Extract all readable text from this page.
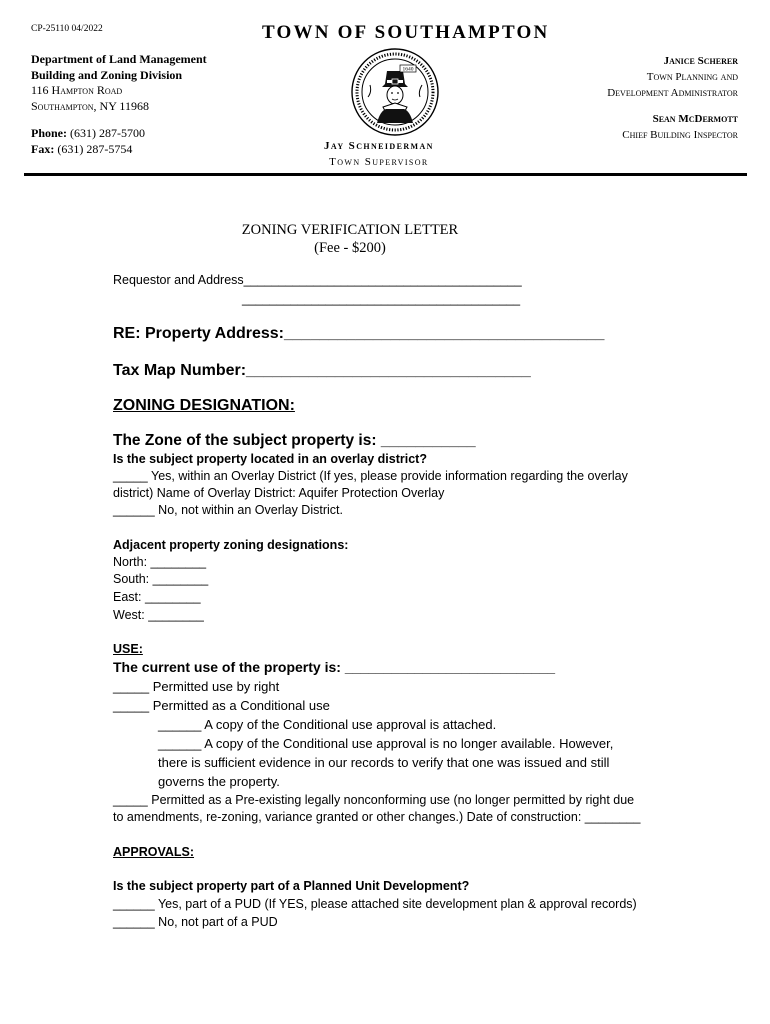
CP-25110 04/2022	TOWN OF SOUTHAMPTON
Department of Land Management
Building and Zoning Division
116 Hampton Road
Southampton, NY 11968
Phone: (631) 287-5700
Fax: (631) 287-5754
1640
Jay Schneiderman
Town Supervisor
Janice Scherer
Town Planning and
Development Administrator
Sean McDermott
Chief Building Inspector
ZONING VERIFICATION LETTER
(Fee - $200)
Requestor and Address________________________________________
________________________________________
RE: Property Address:____________________________________
Tax Map Number:________________________________
ZONING DESIGNATION:
The Zone of the subject property is: ___________
Is the subject property located in an overlay district?
_____ Yes, within an Overlay District (If yes, please provide information regarding the overlay
district) Name of Overlay District: Aquifer Protection Overlay
______ No, not within an Overlay District.
Adjacent property zoning designations:
North: ________
South: ________
East: ________
West: ________
USE:
The current use of the property is: ___________________________
_____ Permitted use by right
_____ Permitted as a Conditional use
______ A copy of the Conditional use approval is attached.
______ A copy of the Conditional use approval is no longer available. However,
there is sufficient evidence in our records to verify that one was issued and still
governs the property.
_____ Permitted as a Pre-existing legally nonconforming use (no longer permitted by right due
to amendments, re-zoning, variance granted or other changes.) Date of construction: ________
APPROVALS:
Is the subject property part of a Planned Unit Development?
______ Yes, part of a PUD (If YES, please attached site development plan & approval records)
______ No, not part of a PUD
